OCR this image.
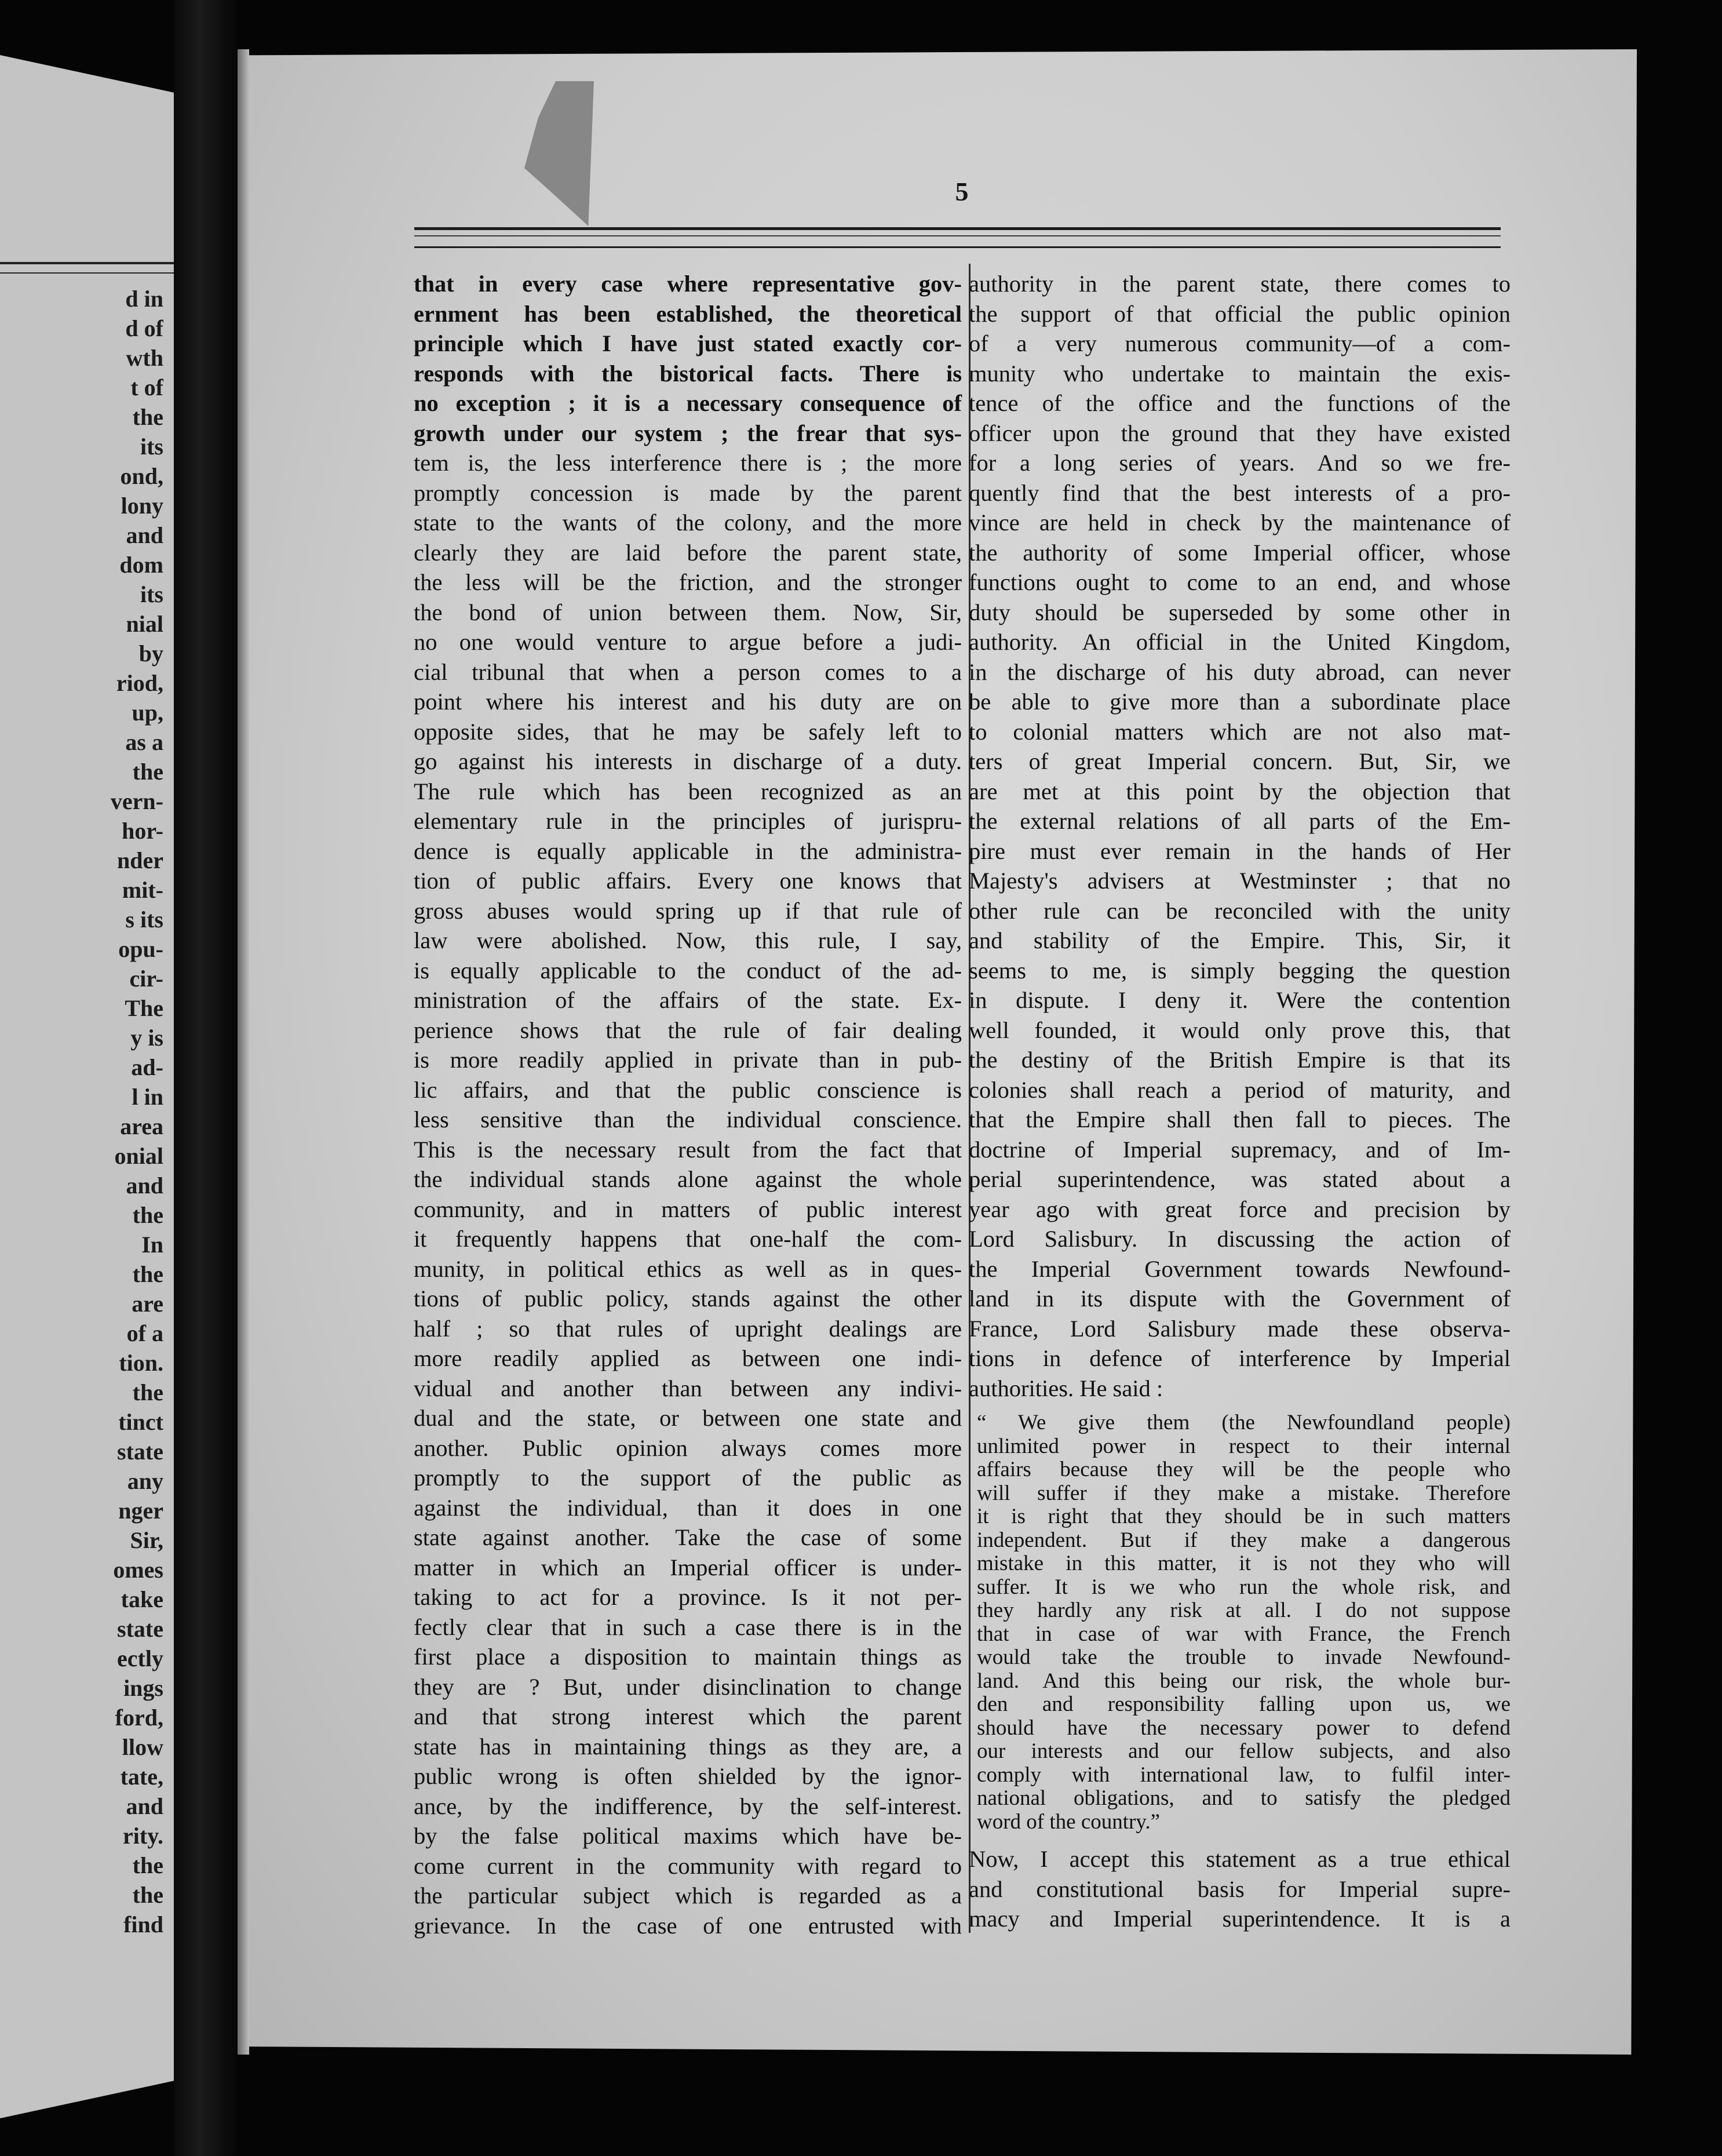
d in
d of
wth
t of
the
its
ond,
lony
and
dom
its
nial
by
riod,
up,
as a
the
vern-
hor-
nder
mit-
s its
opu-
cir-
The
y is
ad-
l in
area
onial
and
the
In
the
are
of a
tion.
the
tinct
state
any
nger
Sir,
omes
take
state
ectly
ings
ford,
llow
tate,
and
rity.
the
the
find
5
that in every case where representative gov-
ernment has been established, the theoretical
principle which I have just stated exactly cor-
responds with the bistorical facts. There is
no exception ; it is a necessary consequence of
growth under our system ; the frear that sys-
tem is, the less interference there is ; the more
promptly concession is made by the parent
state to the wants of the colony, and the more
clearly they are laid before the parent state,
the less will be the friction, and the stronger
the bond of union between them. Now, Sir,
no one would venture to argue before a judi-
cial tribunal that when a person comes to a
point where his interest and his duty are on
opposite sides, that he may be safely left to
go against his interests in discharge of a duty.
The rule which has been recognized as an
elementary rule in the principles of jurispru-
dence is equally applicable in the administra-
tion of public affairs. Every one knows that
gross abuses would spring up if that rule of
law were abolished. Now, this rule, I say,
is equally applicable to the conduct of the ad-
ministration of the affairs of the state. Ex-
perience shows that the rule of fair dealing
is more readily applied in private than in pub-
lic affairs, and that the public conscience is
less sensitive than the individual conscience.
This is the necessary result from the fact that
the individual stands alone against the whole
community, and in matters of public interest
it frequently happens that one-half the com-
munity, in political ethics as well as in ques-
tions of public policy, stands against the other
half ; so that rules of upright dealings are
more readily applied as between one indi-
vidual and another than between any indivi-
dual and the state, or between one state and
another. Public opinion always comes more
promptly to the support of the public as
against the individual, than it does in one
state against another. Take the case of some
matter in which an Imperial officer is under-
taking to act for a province. Is it not per-
fectly clear that in such a case there is in the
first place a disposition to maintain things as
they are ? But, under disinclination to change
and that strong interest which the parent
state has in maintaining things as they are, a
public wrong is often shielded by the ignor-
ance, by the indifference, by the self-interest.
by the false political maxims which have be-
come current in the community with regard to
the particular subject which is regarded as a
grievance. In the case of one entrusted with
authority in the parent state, there comes to
the support of that official the public opinion
of a very numerous community—of a com-
munity who undertake to maintain the exis-
tence of the office and the functions of the
officer upon the ground that they have existed
for a long series of years. And so we fre-
quently find that the best interests of a pro-
vince are held in check by the maintenance of
the authority of some Imperial officer, whose
functions ought to come to an end, and whose
duty should be superseded by some other in
authority. An official in the United Kingdom,
in the discharge of his duty abroad, can never
be able to give more than a subordinate place
to colonial matters which are not also mat-
ters of great Imperial concern. But, Sir, we
are met at this point by the objection that
the external relations of all parts of the Em-
pire must ever remain in the hands of Her
Majesty's advisers at Westminster ; that no
other rule can be reconciled with the unity
and stability of the Empire. This, Sir, it
seems to me, is simply begging the question
in dispute. I deny it. Were the contention
well founded, it would only prove this, that
the destiny of the British Empire is that its
colonies shall reach a period of maturity, and
that the Empire shall then fall to pieces. The
doctrine of Imperial supremacy, and of Im-
perial superintendence, was stated about a
year ago with great force and precision by
Lord Salisbury. In discussing the action of
the Imperial Government towards Newfound-
land in its dispute with the Government of
France, Lord Salisbury made these observa-
tions in defence of interference by Imperial
authorities. He said :
“ We give them (the Newfoundland people)
unlimited power in respect to their internal
affairs because they will be the people who
will suffer if they make a mistake. Therefore
it is right that they should be in such matters
independent. But if they make a dangerous
mistake in this matter, it is not they who will
suffer. It is we who run the whole risk, and
they hardly any risk at all. I do not suppose
that in case of war with France, the French
would take the trouble to invade Newfound-
land. And this being our risk, the whole bur-
den and responsibility falling upon us, we
should have the necessary power to defend
our interests and our fellow subjects, and also
comply with international law, to fulfil inter-
national obligations, and to satisfy the pledged
word of the country.”
Now, I accept this statement as a true ethical
and constitutional basis for Imperial supre-
macy and Imperial superintendence. It is a
